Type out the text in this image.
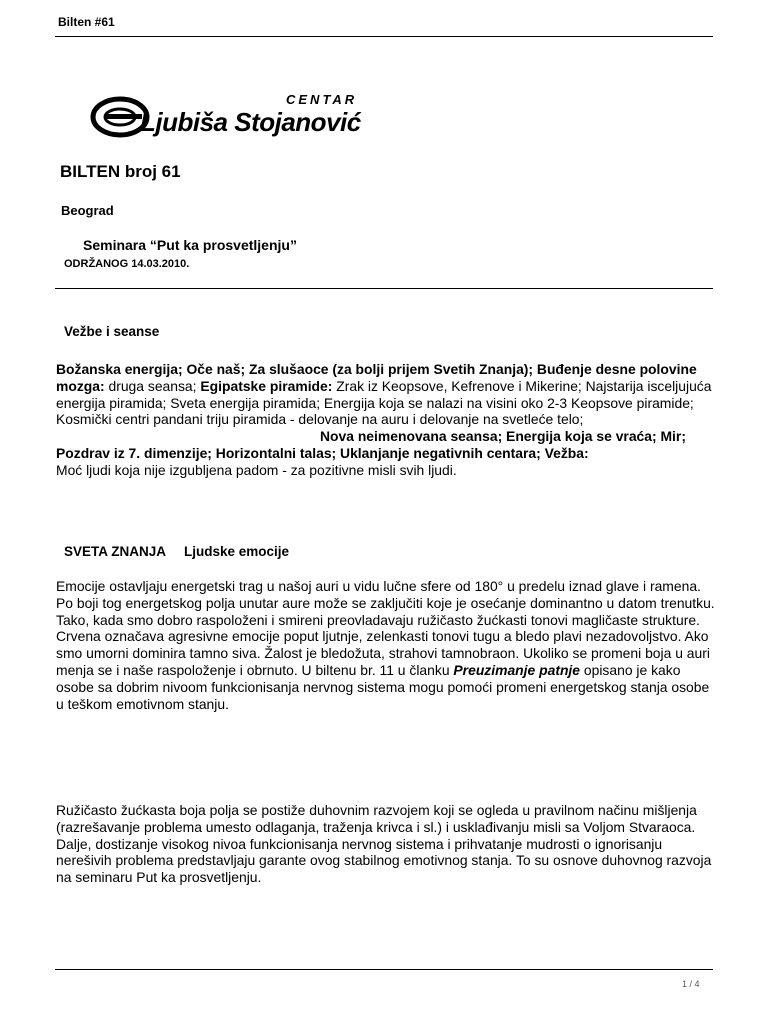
Bilten #61
CENTAR
Ljubiša Stojanović
BILTEN broj 61
Beograd
Seminara “Put ka prosvetljenju”
ODRŽANOG 14.03.2010.
Vežbe i seanse
Božanska energija; Oče naš; Za slušaoce (za bolji prijem Svetih Znanja); Buđenje desne polovine mozga: druga seansa; Egipatske piramide: Zrak iz Keopsove, Kefrenove i Mikerine; Najstarija isceljujuća energija piramida; Sveta energija piramida; Energija koja se nalazi na visini oko 2-3 Keopsove piramide; Kosmički centri pandani triju piramida - delovanje na auru i delovanje na svetleće telo;Nova neimenovana seansa; Energija koja se vraća; Mir; Pozdrav iz 7. dimenzije; Horizontalni talas; Uklanjanje negativnih centara; Vežba:
Moć ljudi koja nije izgubljena padom - za pozitivne misli svih ljudi.
SVETA ZNANJA Ljudske emocije
Emocije ostavljaju energetski trag u našoj auri u vidu lučne sfere od 180° u predelu iznad glave i ramena. Po boji tog energetskog polja unutar aure može se zaključiti koje je osećanje dominantno u datom trenutku. Tako, kada smo dobro raspoloženi i smireni preovladavaju ružičasto žućkasti tonovi magličaste strukture. Crvena označava agresivne emocije poput ljutnje, zelenkasti tonovi tugu a bledo plavi nezadovoljstvo. Ako smo umorni dominira tamno siva. Žalost je bledožuta, strahovi tamnobraon. Ukoliko se promeni boja u auri menja se i naše raspoloženje i obrnuto. U biltenu br. 11 u članku Preuzimanje patnje opisano je kako osobe sa dobrim nivoom funkcionisanja nervnog sistema mogu pomoći promeni energetskog stanja osobe u teškom emotivnom stanju.
Ružičasto žućkasta boja polja se postiže duhovnim razvojem koji se ogleda u pravilnom načinu mišljenja (razrešavanje problema umesto odlaganja, traženja krivca i sl.) i usklađivanju misli sa Voljom Stvaraoca. Dalje, dostizanje visokog nivoa funkcionisanja nervnog sistema i prihvatanje mudrosti o ignorisanju nerešivih problema predstavljaju garante ovog stabilnog emotivnog stanja. To su osnove duhovnog razvoja na seminaru Put ka prosvetljenju.
1 / 4
